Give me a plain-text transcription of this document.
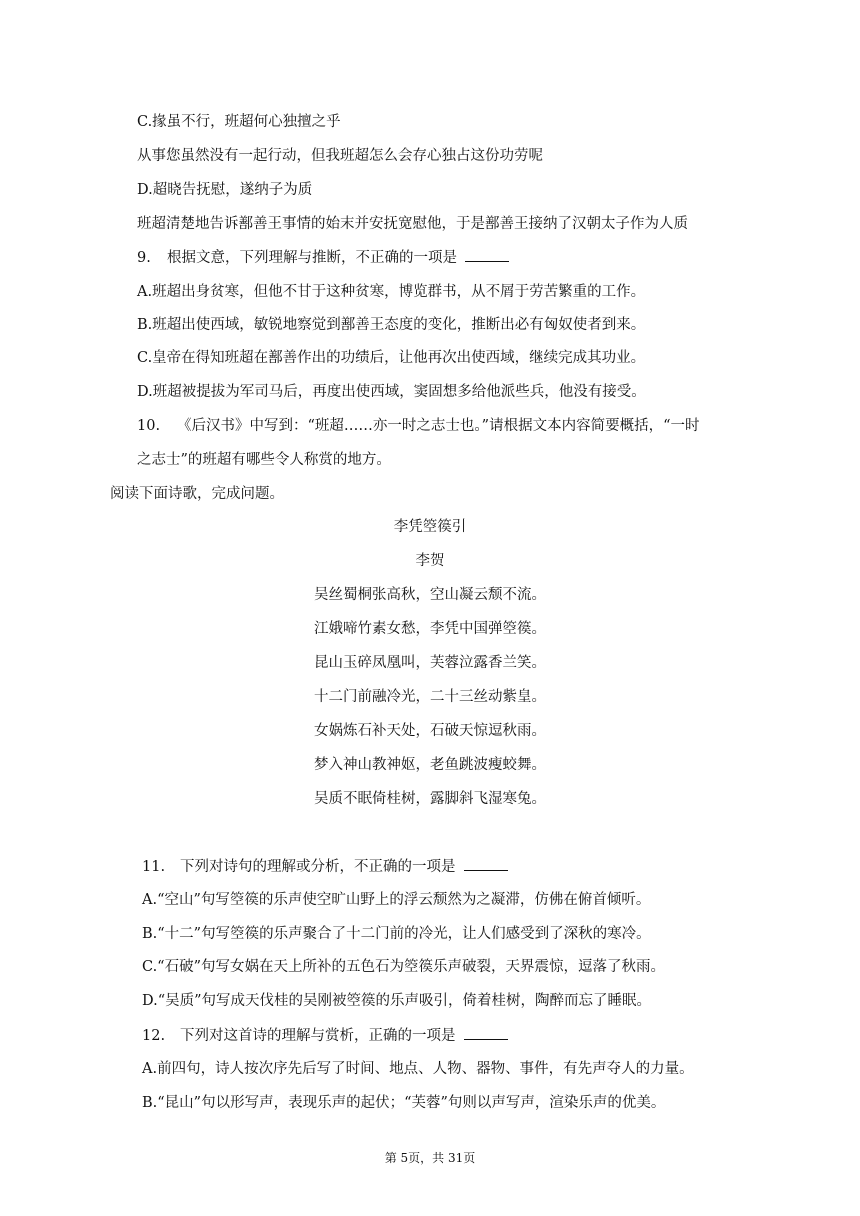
C.掾虽不行，班超何心独擅之乎
从事您虽然没有一起行动，但我班超怎么会存心独占这份功劳呢
D.超晓告抚慰，遂纳子为质
班超清楚地告诉鄯善王事情的始末并安抚宽慰他，于是鄯善王接纳了汉朝太子作为人质
9. 根据文意，下列理解与推断，不正确的一项是
A.班超出身贫寒，但他不甘于这种贫寒，博览群书，从不屑于劳苦繁重的工作。
B.班超出使西域，敏锐地察觉到鄯善王态度的变化，推断出必有匈奴使者到来。
C.皇帝在得知班超在鄯善作出的功绩后，让他再次出使西域，继续完成其功业。
D.班超被提拔为军司马后，再度出使西域，窦固想多给他派些兵，他没有接受。
10. 《后汉书》中写到：“班超……亦一时之志士也。”请根据文本内容简要概括，“一时
之志士”的班超有哪些令人称赏的地方。
阅读下面诗歌，完成问题。
李凭箜篌引
李贺
吴丝蜀桐张高秋，空山凝云颓不流。
江娥啼竹素女愁，李凭中国弹箜篌。
昆山玉碎凤凰叫，芙蓉泣露香兰笑。
十二门前融冷光，二十三丝动紫皇。
女娲炼石补天处，石破天惊逗秋雨。
梦入神山教神妪，老鱼跳波瘦蛟舞。
吴质不眠倚桂树，露脚斜飞湿寒兔。
11. 下列对诗句的理解或分析，不正确的一项是
A.“空山”句写箜篌的乐声使空旷山野上的浮云颓然为之凝滞，仿佛在俯首倾听。
B.“十二”句写箜篌的乐声聚合了十二门前的冷光，让人们感受到了深秋的寒冷。
C.“石破”句写女娲在天上所补的五色石为箜篌乐声破裂，天界震惊，逗落了秋雨。
D.“吴质”句写成天伐桂的吴刚被箜篌的乐声吸引，倚着桂树，陶醉而忘了睡眠。
12. 下列对这首诗的理解与赏析，正确的一项是
A.前四句，诗人按次序先后写了时间、地点、人物、器物、事件，有先声夺人的力量。
B.“昆山”句以形写声，表现乐声的起伏；“芙蓉”句则以声写声，渲染乐声的优美。
第 5页，共 31页
